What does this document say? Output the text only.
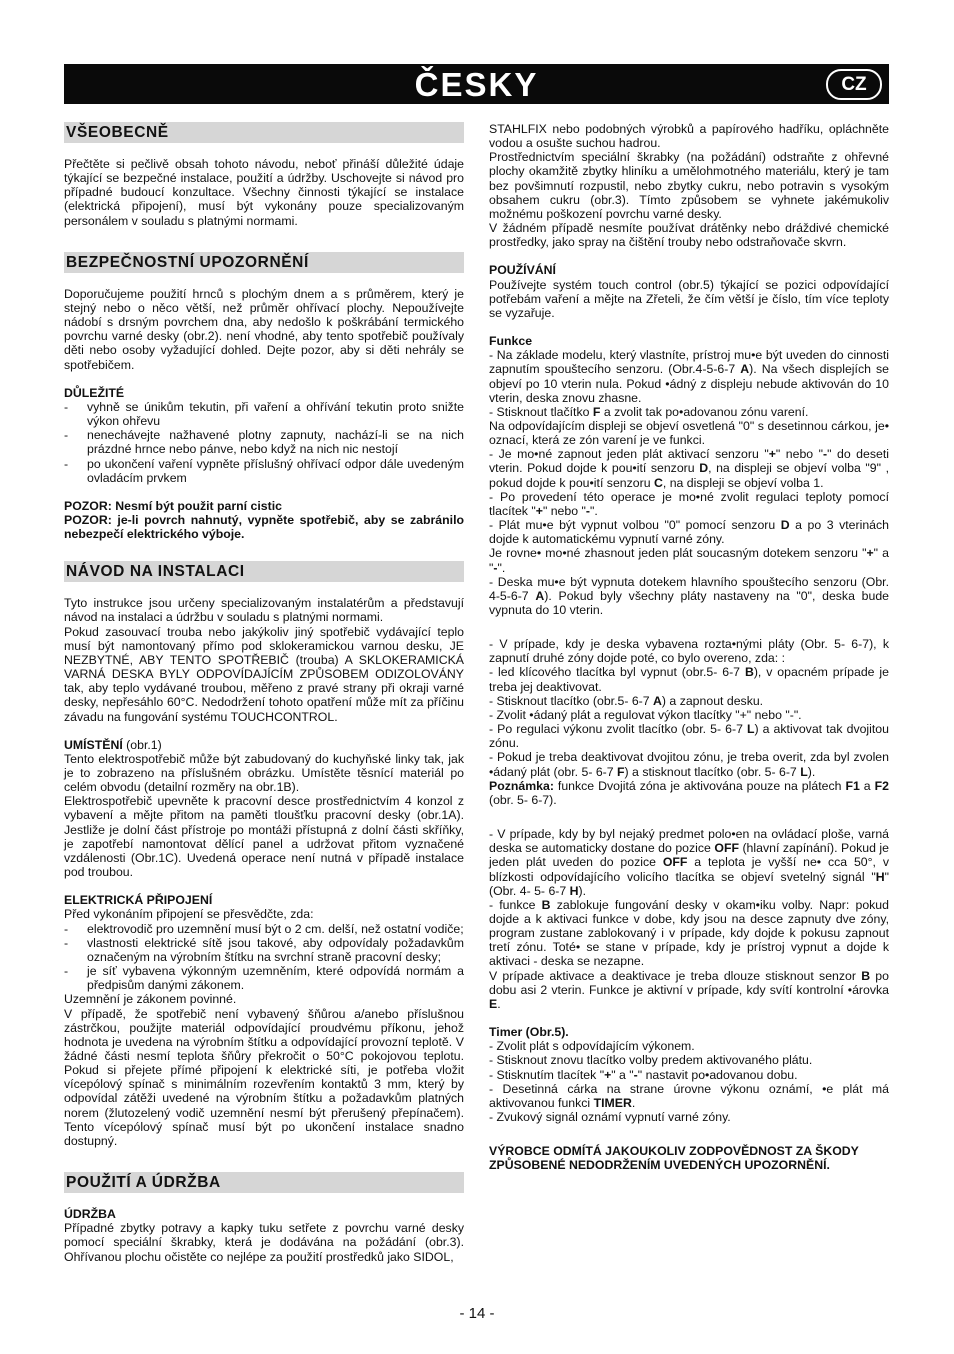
ČESKY	CZ
VŠEOBECNĚ

Přečtěte si pečlivě obsah tohoto návodu, neboť přináší důležité údaje týkající se bezpečné instalace, použití a údržby. Uschovejte si návod pro případné budoucí konzultace. Všechny činnosti týkající se instalace (elektrická připojení), musí být vykonány pouze specializovaným personálem v souladu s platnými normami.

BEZPEČNOSTNÍ UPOZORNĚNÍ

Doporučujeme použití hrnců s plochým dnem a s průměrem, který je stejný nebo o něco větší, než průměr ohřívací plochy. Nepoužívejte nádobí s drsným povrchem dna, aby nedošlo k poškrábání termického povrchu varné desky (obr.2). není vhodné, aby tento spotřebič používaly děti nebo osoby vyžadující dohled. Dejte pozor, aby si děti nehrály se spotřebičem.

DŮLEŽITÉ

-	vyhně se únikům tekutin, při vaření a ohřívání tekutin proto snižte výkon ohřevu
-	nenechávejte nažhavené plotny zapnuty, nachází-li se na nich prázdné hrnce nebo pánve, nebo když na nich nic nestojí
-	po ukončení vaření vypněte příslušný ohřívací odpor dále uvedeným ovladácím prvkem

POZOR: Nesmí být použit parní cistic

POZOR: je-li povrch nahnutý, vypněte spotřebič, aby se zabránilo nebezpečí elektrického výboje.

NÁVOD NA INSTALACI

Tyto instrukce jsou určeny specializovaným instalatérům a představují návod na instalaci a údržbu v souladu s platnými normami.

Pokud zasouvací trouba nebo jakýkoliv jiný spotřebič vydávající teplo musí být namontovaný přímo pod sklokeramickou varnou desku, JE NEZBYTNÉ, ABY TENTO SPOTŘEBIČ (trouba) A SKLOKERAMICKÁ VARNÁ DESKA BYLY ODPOVÍDAJÍCÍM ZPŮSOBEM ODIZOLOVÁNY tak, aby teplo vydávané troubou, měřeno z pravé strany při okraji varné desky, nepřesáhlo 60°C. Nedodržení tohoto opatření může mít za příčinu závadu na fungování systému TOUCHCONTROL.

UMÍSTĚNÍ (obr.1)

Tento elektrospotřebič může být zabudovaný do kuchyňské linky tak, jak je to zobrazeno na příslušném obrázku. Umístěte těsnící materiál po celém obvodu (detailní rozměry na obr.1B).

Elektrospotřebič upevněte k pracovní desce prostřednictvím 4 konzol z vybavení a mějte přitom na paměti tloušťku pracovní desky (obr.1A). Jestliže je dolní část přístroje po montáži přístupná z dolní části skříňky, je zapotřebí namontovat dělící panel a udržovat přitom vyznačené vzdálenosti (Obr.1C). Uvedená operace není nutná v případě instalace pod troubou.

ELEKTRICKÁ PŘIPOJENÍ

Před vykonáním připojení se přesvědčte, zda:

-	elektrovodič pro uzemnění musí být o 2 cm. delší, než ostatní vodiče;
-	vlastnosti elektrické sítě jsou takové, aby odpovídaly požadavkům označeným na výrobním štítku na svrchní straně pracovní desky;
-	je síť vybavena výkonným uzemněním, které odpovídá normám a předpisům danými zákonem.

Uzemnění je zákonem povinné.

V případě, že spotřebič není vybavený šňůrou a/anebo příslušnou zástrčkou, použijte materiál odpovídající proudvému příkonu, jehož hodnota je uvedena na výrobním štítku a odpovídající provozní teplotě. V žádné části nesmí teplota šňůry překročit o 50°C pokojovou teplotu. Pokud si přejete přímé připojení k elektrické síti, je potřeba vložit vícepólový spínač s minimálním rozevřením kontaktů 3 mm, který by odpovídal zátěži uvedené na výrobním štítku a požadavkům platných norem (žlutozelený vodič uzemnění nesmí být přerušený přepínačem). Tento vícepólový spínač musí být po ukončení instalace snadno dostupný.

POUŽITÍ A ÚDRŽBA

ÚDRŽBA

Případné zbytky potravy a kapky tuku setřete z povrchu varné desky pomocí speciální škrabky, která je dodávána na požádání (obr.3). Ohřívanou plochu očistěte co nejlépe za použití prostředků jako SIDOL,

STAHLFIX nebo podobných výrobků a papírového hadříku, opláchněte vodou a osušte suchou hadrou.

Prostřednictvím speciální škrabky (na požádání) odstraňte z ohřevné plochy okamžitě zbytky hliníku a umělohmotného materiálu, který je tam bez povšimnutí rozpustil, nebo zbytky cukru, nebo potravin s vysokým obsahem cukru (obr.3). Tímto způsobem se vyhnete jakémukoliv možnému poškození povrchu varné desky.

V žádném případě nesmíte používat drátěnky nebo dráždivé chemické prostředky, jako spray na čištění trouby nebo odstraňovače skvrn.

POUŽÍVÁNÍ

Používejte systém touch control (obr.5) týkající se pozici odpovídající potřebám vaření a mějte na Zřeteli, že čím větší je číslo, tím více teploty se vyzařuje.

Funkce

- Na základe modelu, který vlastníte, prístroj mu•e být uveden do cinnosti zapnutím spouštecího senzoru. (Obr.4-5-6-7 A). Na všech displejích se objeví po 10 vterin nula. Pokud •ádný z displeju nebude aktivován do 10 vterin, deska znovu zhasne.

- Stisknout tlačítko F a zvolit tak po•adovanou zónu varení.

Na odpovídajícím displeji se objeví osvetlená "0" s desetinnou cárkou, je• oznací, která ze zón varení je ve funkci.

- Je mo•né zapnout jeden plát aktivací senzoru "+" nebo "-" do deseti vterin. Pokud dojde k pou•ití senzoru D, na displeji se objeví volba "9" , pokud dojde k pou•ití senzoru C, na displeji se objeví volba 1.

- Po provedení této operace je mo•né zvolit regulaci teploty pomocí tlacítek "+" nebo "-".

- Plát mu•e být vypnut volbou "0" pomocí senzoru D a po 3 vterinách dojde k automatickému vypnutí varné zóny.

Je rovne• mo•né zhasnout jeden plát soucasným dotekem senzoru "+" a "-".

- Deska mu•e být vypnuta dotekem hlavního spouštecího senzoru (Obr. 4-5-6-7 A). Pokud byly všechny pláty nastaveny na "0", deska bude vypnuta do 10 vterin.

- V prípade, kdy je deska vybavena roztа•nými pláty (Obr. 5- 6-7), k zapnutí druhé zóny dojde poté, co bylo overeno, zda: :

- led klícového tlacítka byl vypnut (obr.5- 6-7 B), v opacném prípade je treba jej deaktivovat.

- Stisknout tlacítko (obr.5- 6-7 A) a zapnout desku.

- Zvolit •ádaný plát a regulovat výkon tlacítky "+" nebo "-".

- Po regulaci výkonu zvolit tlacítko (obr. 5- 6-7 L) a aktivovat tak dvojitou zónu.

- Pokud je treba deaktivovat dvojitou zónu, je treba overit, zda byl zvolen •ádaný plát (obr. 5- 6-7 F) a stisknout tlacítko (obr. 5- 6-7 L).

Poznámka: funkce Dvojitá zóna je aktivována pouze na plátech F1 a F2 (obr. 5- 6-7).

- V prípade, kdy by byl nejaký predmet polo•en na ovládací ploše, varná deska se automaticky dostane do pozice OFF (hlavní zapínání). Pokud je jeden plát uveden do pozice OFF a teplota je vyšší ne• cca 50°, v blízkosti odpovídajícího volicího tlacítka se objeví svetelný signál "H" (Obr. 4- 5- 6-7 H).

- funkce B zablokuje fungování desky v okam•iku volby. Napr: pokud dojde a k aktivaci funkce v dobe, kdy jsou na desce zapnuty dve zóny, program zustane zablokovaný i v prípade, kdy dojde k pokusu zapnout tretí zónu. Toté• se stane v prípade, kdy je prístroj vypnut a dojde k aktivaci - deska se nezapne.

V prípade aktivace a deaktivace je treba dlouze stisknout senzor B po dobu asi 2 vterin. Funkce je aktivní v prípade, kdy svítí kontrolní •árovka E.

Timer (Obr.5).

- Zvolit plát s odpovídajícím výkonem.

- Stisknout znovu tlacítko volby predem aktivovaného plátu.

- Stisknutím tlacítek "+" a "-" nastavit po•adovanou dobu.

- Desetinná cárka na strane úrovne výkonu oznámí, •e plát má aktivovanou funkci TIMER.

- Zvukový signál oznámí vypnutí varné zóny.

VÝROBCE ODMÍTÁ JAKOUKOLIV ZODPOVĚDNOST ZA ŠKODY ZPŮSOBENÉ NEDODRŽENÍM UVEDENÝCH UPOZORNĚNÍ.

- 14 -
